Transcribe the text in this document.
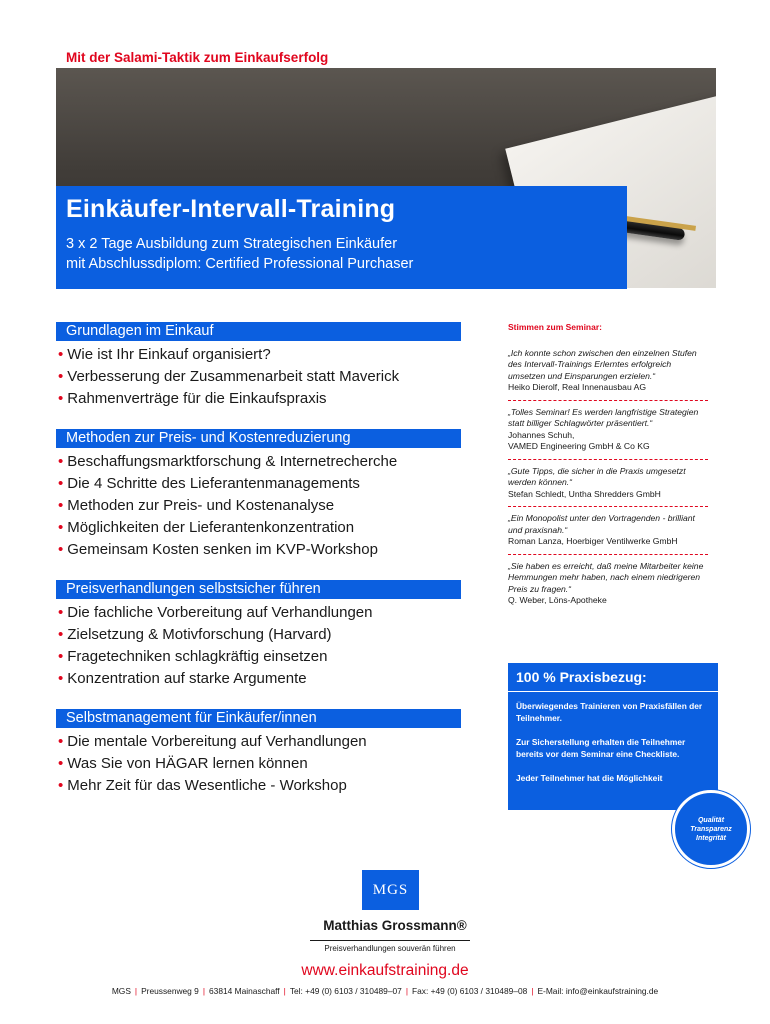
Mit der Salami-Taktik zum Einkaufserfolg
Einkäufer-Intervall-Training
3 x 2 Tage Ausbildung zum Strategischen Einkäufer
mit Abschlussdiplom: Certified Professional Purchaser
Grundlagen im Einkauf
• Wie ist Ihr Einkauf organisiert?
• Verbesserung der Zusammenarbeit statt Maverick
• Rahmenverträge für die Einkaufspraxis
Methoden zur Preis- und Kostenreduzierung
• Beschaffungsmarktforschung & Internetrecherche
• Die 4 Schritte des Lieferantenmanagements
• Methoden zur Preis- und Kostenanalyse
• Möglichkeiten der Lieferantenkonzentration
• Gemeinsam Kosten senken im KVP-Workshop
Preisverhandlungen selbstsicher führen
• Die fachliche Vorbereitung auf Verhandlungen
• Zielsetzung & Motivforschung (Harvard)
• Fragetechniken schlagkräftig einsetzen
• Konzentration auf starke Argumente
Selbstmanagement für Einkäufer/innen
• Die mentale Vorbereitung auf Verhandlungen
• Was Sie von HÄGAR lernen können
• Mehr Zeit für das Wesentliche - Workshop
Stimmen zum Seminar:
„Ich konnte schon zwischen den einzelnen Stufen des Intervall-Trainings Erlerntes erfolgreich umsetzen und Einsparungen erzielen.“
Heiko Dierolf, Real Innenausbau AG
„Tolles Seminar! Es werden langfristige Strategien statt billiger Schlagwörter präsentiert.“
Johannes Schuh,
VAMED Engineering GmbH & Co KG
„Gute Tipps, die sicher in die Praxis umgesetzt werden können.“
Stefan Schledt, Untha Shredders GmbH
„Ein Monopolist unter den Vortragenden - brilliant und praxisnah.“
Roman Lanza, Hoerbiger Ventilwerke GmbH
„Sie haben es erreicht, daß meine Mitarbeiter keine Hemmungen mehr haben, nach einem niedrigeren Preis zu fragen.“
Q. Weber, Löns-Apotheke
100 % Praxisbezug:

Überwiegendes Trainieren von Praxisfällen der Teilnehmer.

Zur Sicherstellung erhalten die Teilnehmer bereits vor dem Seminar eine Checkliste.

Jeder Teilnehmer hat die Möglichkeit

Qualität
Transparenz
Integrität
MGS
Matthias Grossmann®
Preisverhandlungen souverän führen
www.einkaufstraining.de
MGS | Preussenweg 9 | 63814 Mainaschaff | Tel: +49 (0) 6103 / 310489–07 | Fax: +49 (0) 6103 / 310489–08 | E-Mail: info@einkaufstraining.de
